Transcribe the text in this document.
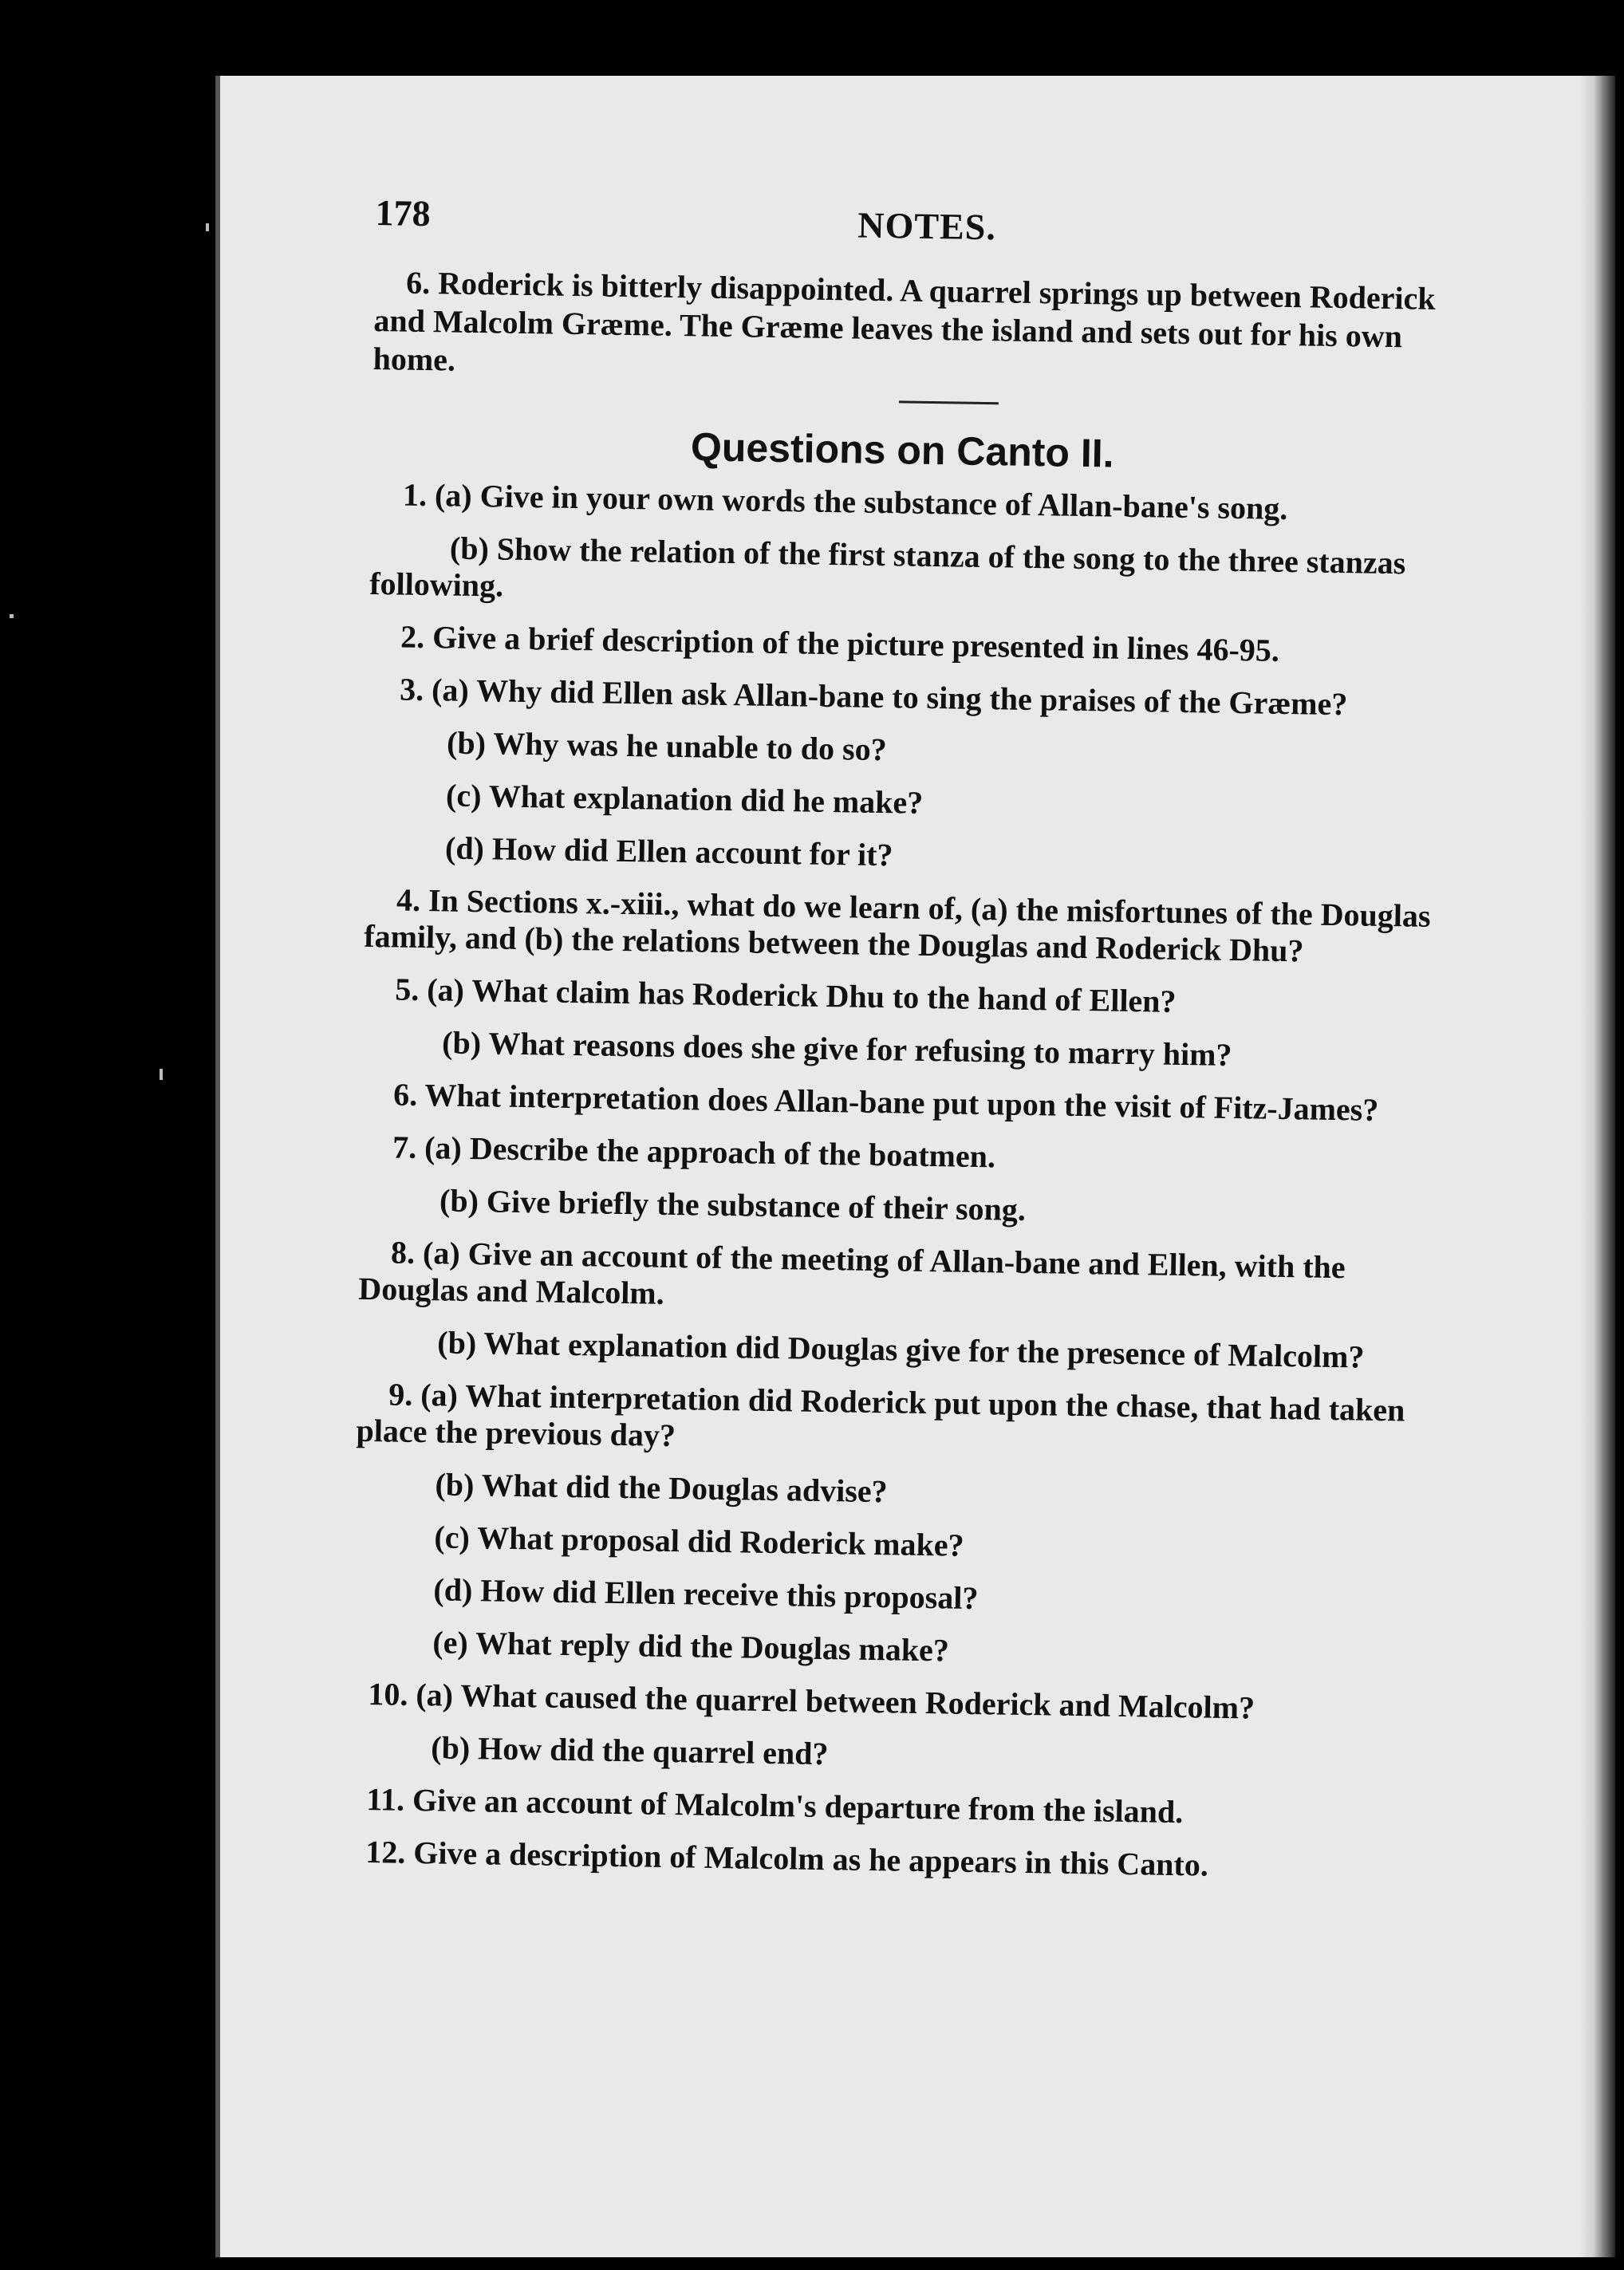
178	NOTES.

6. Roderick is bitterly disappointed. A quarrel springs up between Roderick and Malcolm Græme. The Græme leaves the island and sets out for his own home.

Questions on Canto II.

1. (a) Give in your own words the substance of Allan-bane's song.

(b) Show the relation of the first stanza of the song to the three stanzas following.

2. Give a brief description of the picture presented in lines 46-95.

3. (a) Why did Ellen ask Allan-bane to sing the praises of the Græme?

(b) Why was he unable to do so?

(c) What explanation did he make?

(d) How did Ellen account for it?

4. In Sections x.-xiii., what do we learn of, (a) the misfortunes of the Douglas family, and (b) the relations between the Douglas and Roderick Dhu?

5. (a) What claim has Roderick Dhu to the hand of Ellen?

(b) What reasons does she give for refusing to marry him?

6. What interpretation does Allan-bane put upon the visit of Fitz-James?

7. (a) Describe the approach of the boatmen.

(b) Give briefly the substance of their song.

8. (a) Give an account of the meeting of Allan-bane and Ellen, with the Douglas and Malcolm.

(b) What explanation did Douglas give for the presence of Malcolm?

9. (a) What interpretation did Roderick put upon the chase, that had taken place the previous day?

(b) What did the Douglas advise?

(c) What proposal did Roderick make?

(d) How did Ellen receive this proposal?

(e) What reply did the Douglas make?

10. (a) What caused the quarrel between Roderick and Malcolm?

(b) How did the quarrel end?

11. Give an account of Malcolm's departure from the island.

12. Give a description of Malcolm as he appears in this Canto.
